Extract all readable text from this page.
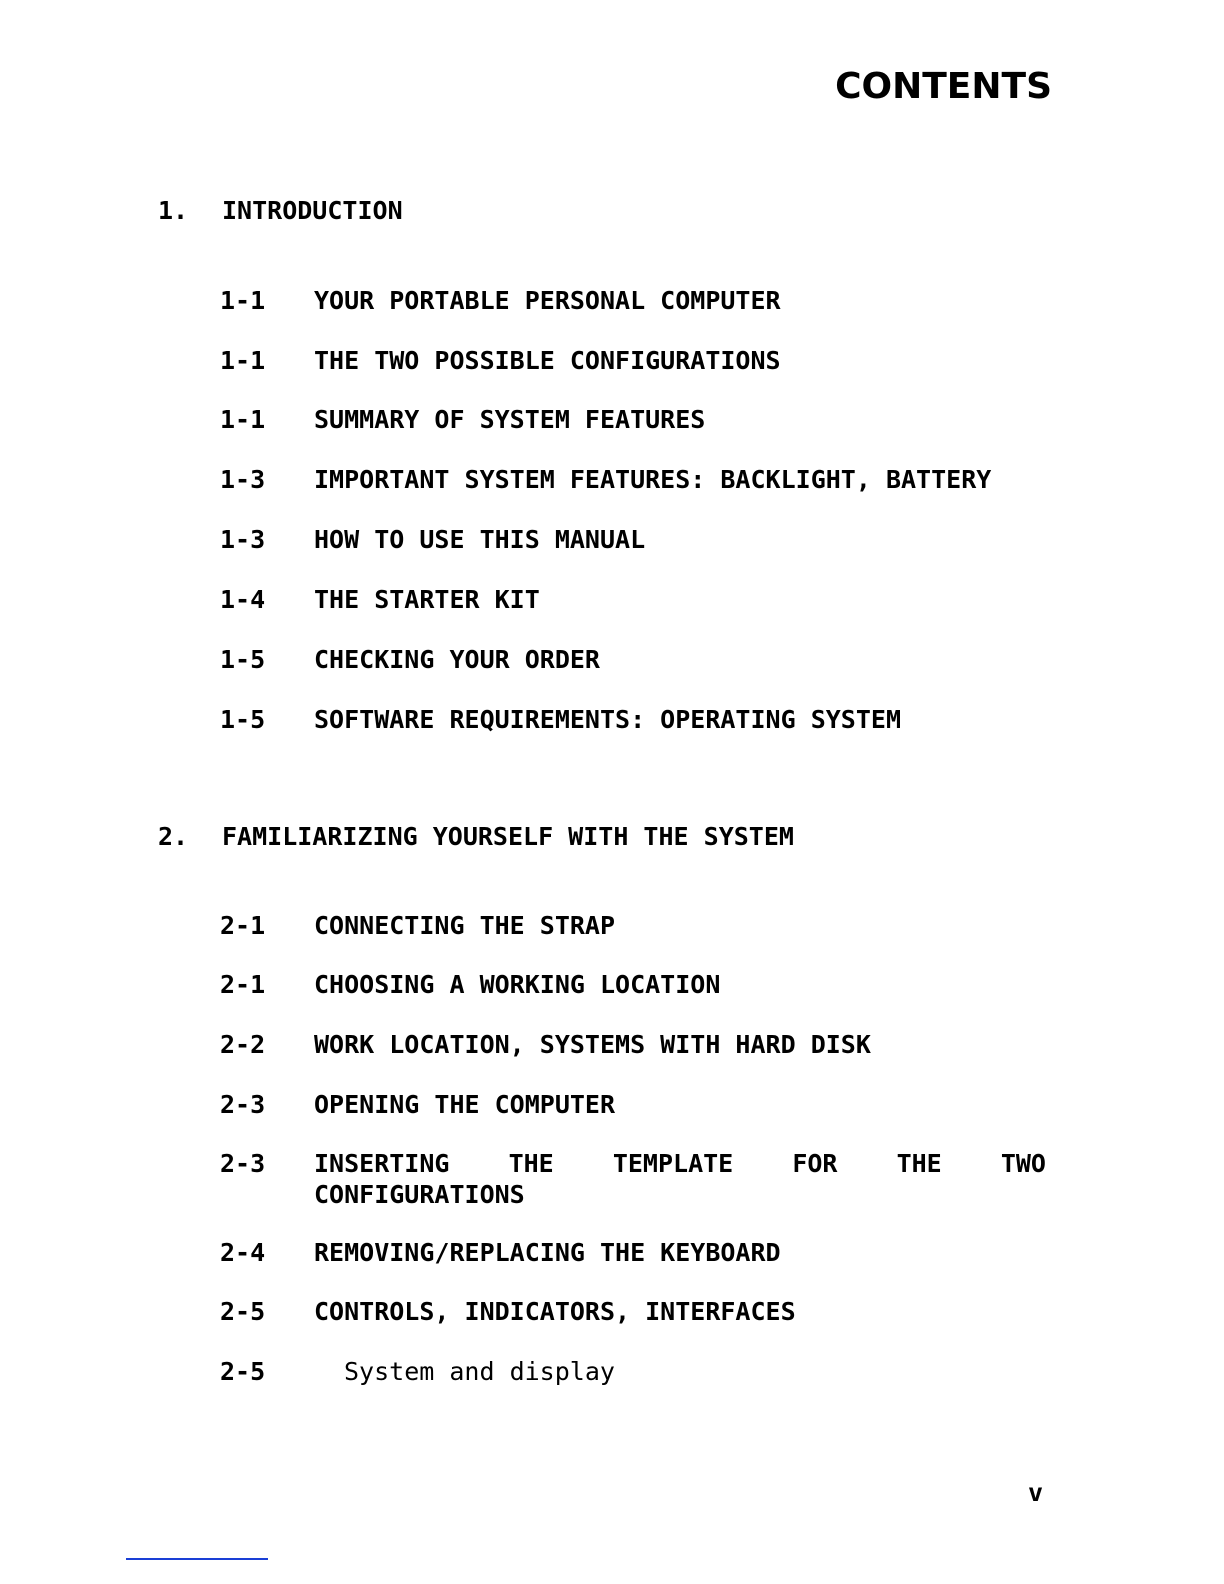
CONTENTS
1. INTRODUCTION
1-1 YOUR PORTABLE PERSONAL COMPUTER
1-1 THE TWO POSSIBLE CONFIGURATIONS
1-1 SUMMARY OF SYSTEM FEATURES
1-3 IMPORTANT SYSTEM FEATURES: BACKLIGHT, BATTERY
1-3 HOW TO USE THIS MANUAL
1-4 THE STARTER KIT
1-5 CHECKING YOUR ORDER
1-5 SOFTWARE REQUIREMENTS: OPERATING SYSTEM
2. FAMILIARIZING YOURSELF WITH THE SYSTEM
2-1 CONNECTING THE STRAP
2-1 CHOOSING A WORKING LOCATION
2-2 WORK LOCATION, SYSTEMS WITH HARD DISK
2-3 OPENING THE COMPUTER
2-3	INSERTING THE TEMPLATE FOR THE TWO
CONFIGURATIONS
2-4 REMOVING/REPLACING THE KEYBOARD
2-5 CONTROLS, INDICATORS, INTERFACES
2-5	System and display
v
